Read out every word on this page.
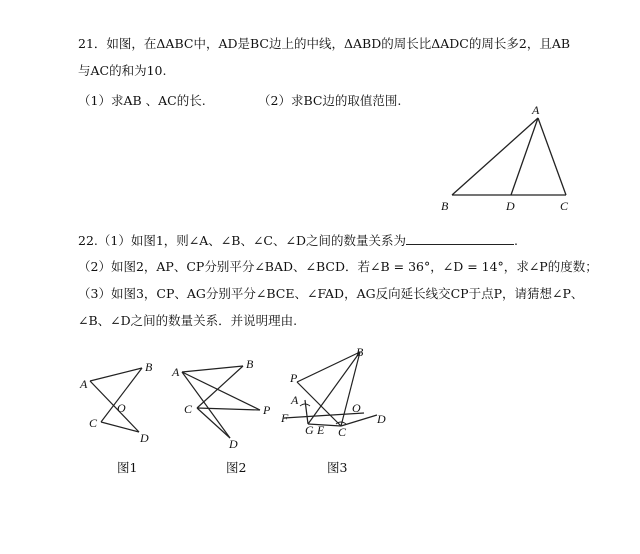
21．如图，在ΔABC中，AD是BC边上的中线，ΔABD的周长比ΔADC的周长多2，且AB
与AC的和为10.
（1）求AB 、AC的长.	（2）求BC边的取值范围.
A
B	D	C
22.（1）如图1，则∠A、∠B、∠C、∠D之间的数量关系为	.
（2）如图2，AP、CP分别平分∠BAD、∠BCD．若∠B = 36°，∠D = 14°，求∠P的度数；
（3）如图3，CP、AG分别平分∠BCE、∠FAD，AG反向延长线交CP于点P，请猜想∠P、
∠B、∠D之间的数量关系．并说明理由.
A
B
C
D
O
图1
A
B
C	P
D
图2
P
A
B
F
O
D
G E C
图3
